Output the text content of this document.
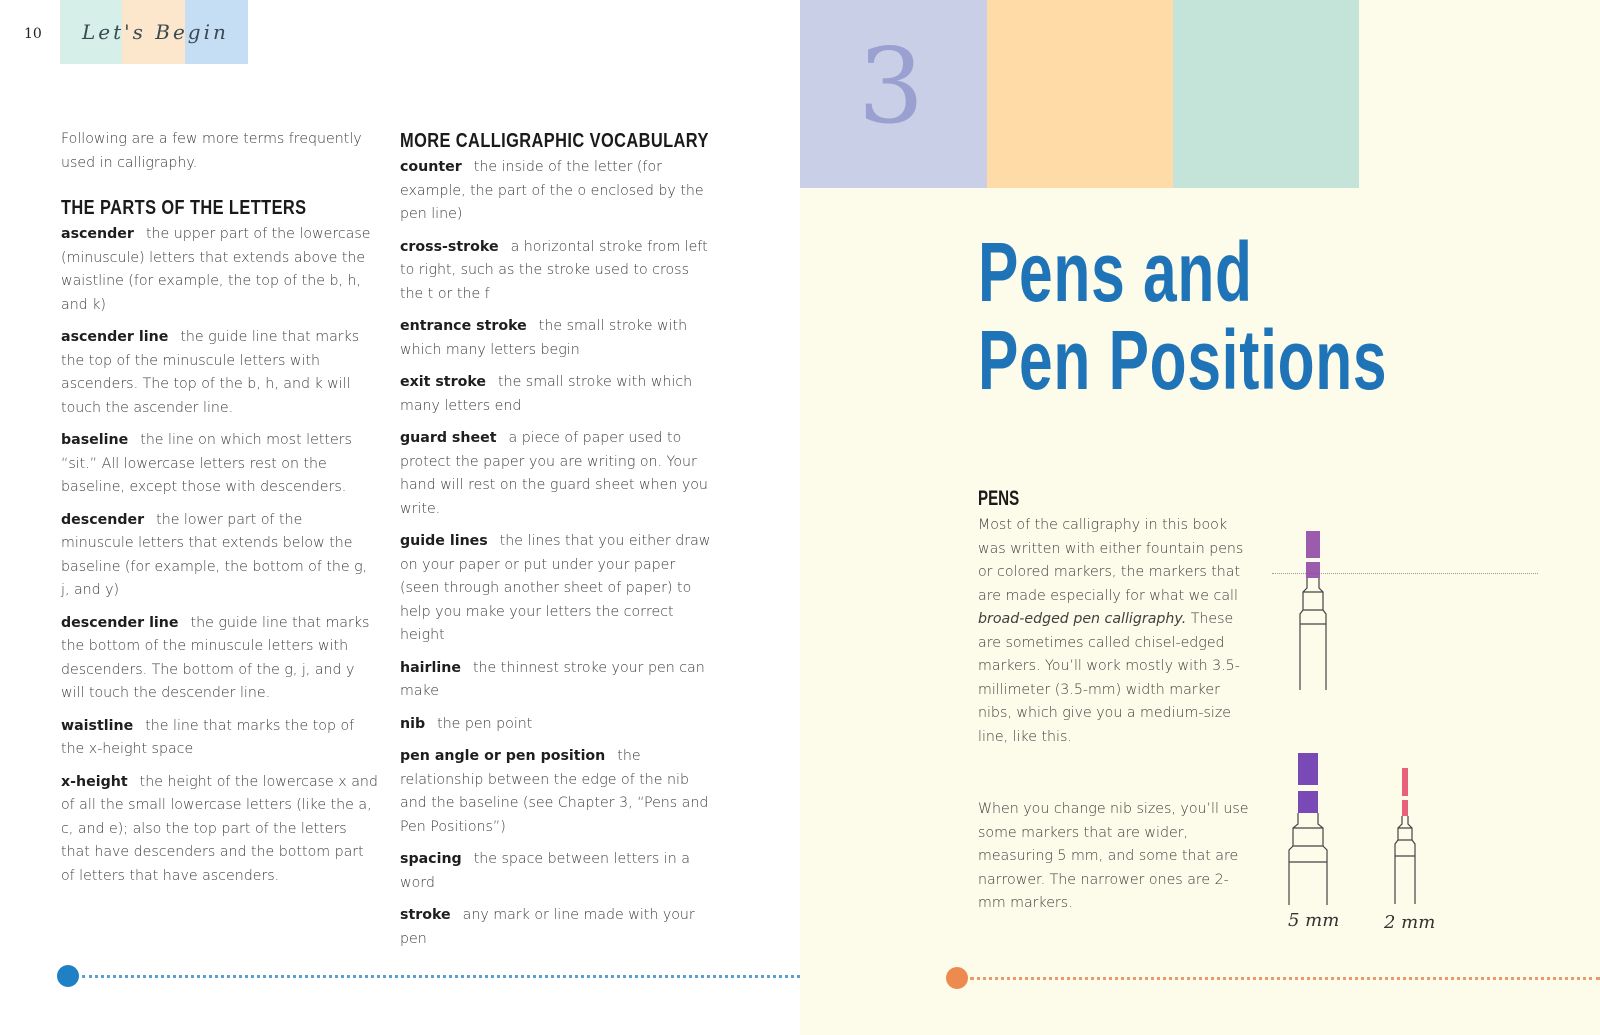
10 Let's Begin

Following are a few more terms frequently used in calligraphy.

THE PARTS OF THE LETTERS

ascender the upper part of the lowercase (minuscule) letters that extends above the waistline (for example, the top of the b, h, and k)

ascender line the guide line that marks the top of the minuscule letters with ascenders. The top of the b, h, and k will touch the ascender line.

baseline the line on which most letters “sit.” All lowercase letters rest on the baseline, except those with descenders.

descender the lower part of the minuscule letters that extends below the baseline (for example, the bottom of the g, j, and y)

descender line the guide line that marks the bottom of the minuscule letters with descenders. The bottom of the g, j, and y will touch the descender line.

waistline the line that marks the top of the x-height space

x-height the height of the lowercase x and of all the small lowercase letters (like the a, c, and e); also the top part of the letters that have descenders and the bottom part of letters that have ascenders.

MORE CALLIGRAPHIC VOCABULARY

counter the inside of the letter (for example, the part of the o enclosed by the pen line)

cross-stroke a horizontal stroke from left to right, such as the stroke used to cross the t or the f

entrance stroke the small stroke with which many letters begin

exit stroke the small stroke with which many letters end

guard sheet a piece of paper used to protect the paper you are writing on. Your hand will rest on the guard sheet when you write.

guide lines the lines that you either draw on your paper or put under your paper (seen through another sheet of paper) to help you make your letters the correct height

hairline the thinnest stroke your pen can make

nib the pen point

pen angle or pen position the relationship between the edge of the nib and the baseline (see Chapter 3, “Pens and Pen Positions”)

spacing the space between letters in a word

stroke any mark or line made with your pen

3
Pens and
Pen Positions
PENS

Most of the calligraphy in this book was written with either fountain pens or colored markers, the markers that are made especially for what we call broad-edged pen calligraphy. These are sometimes called chisel-edged markers. You’ll work mostly with 3.5-millimeter (3.5-mm) width marker nibs, which give you a medium-size line, like this.

When you change nib sizes, you’ll use some markers that are wider, measuring 5 mm, and some that are narrower. The narrower ones are 2-mm markers.

5 mm 2 mm
